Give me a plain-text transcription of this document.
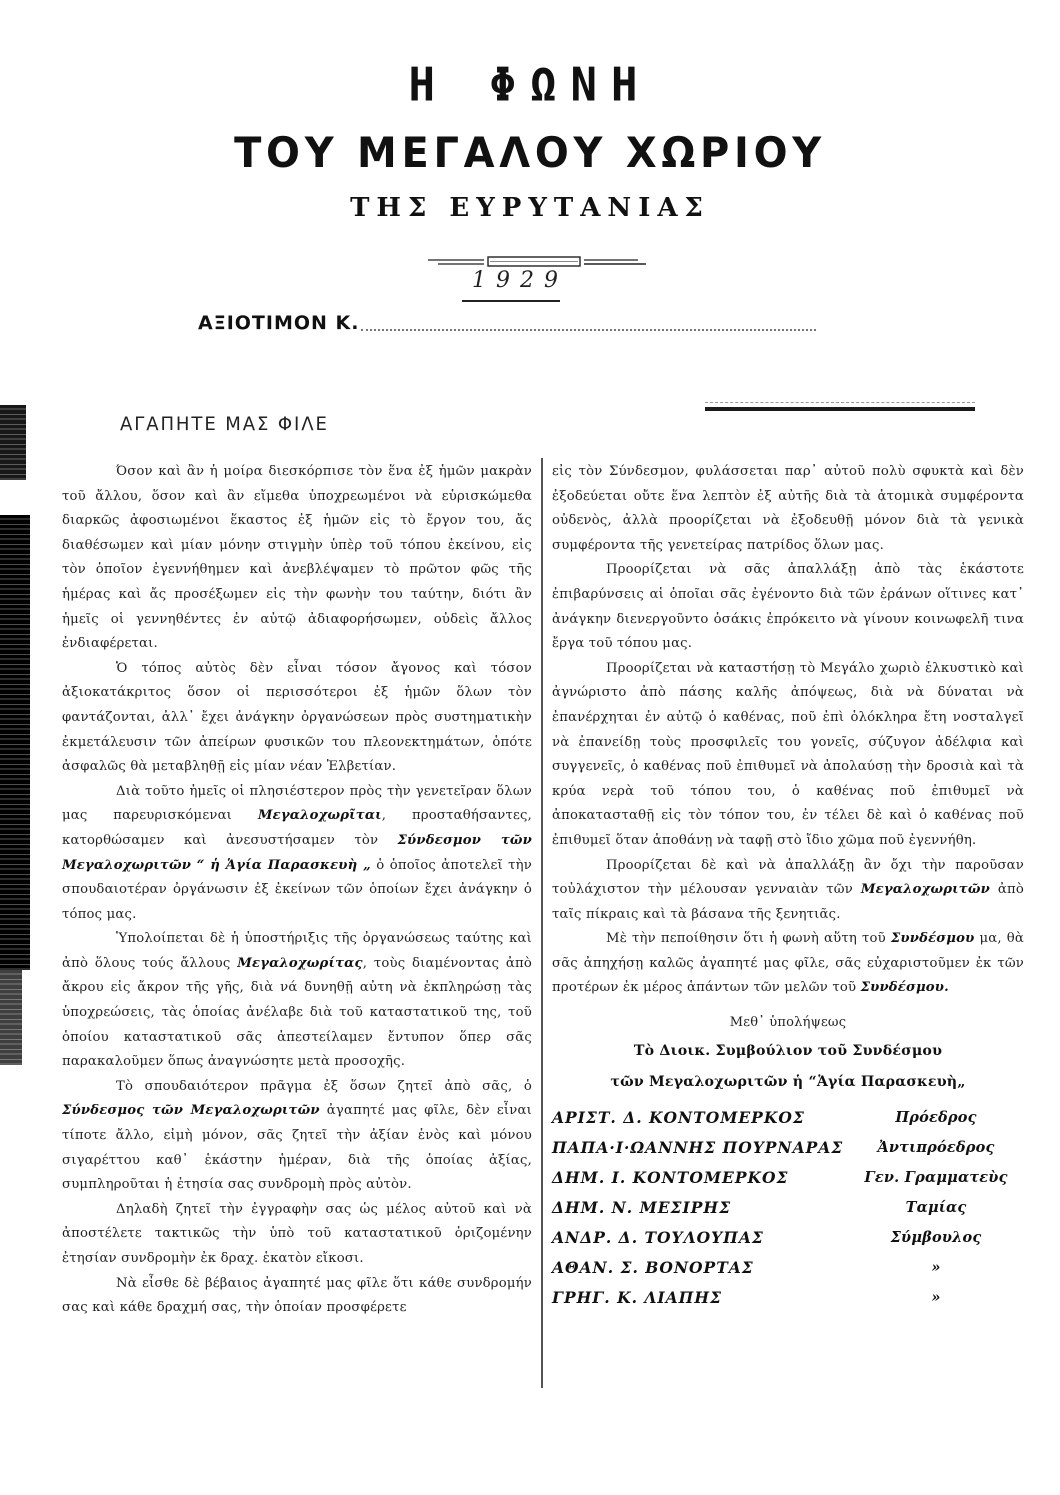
Η ΦΩΝΗ
ΤΟΥ ΜΕΓΑΛΟΥ ΧΩΡΙΟΥ
ΤΗΣ ΕΥΡΥΤΑΝΙΑΣ
1929
ΑΞΙΟΤΙΜΟΝ Κ.
ΑΓΑΠΗΤΕ ΜΑΣ ΦΙΛΕ

Όσον καὶ ἂν ἡ μοίρα διεσκόρπισε τὸν ἕνα ἐξ ἡμῶν μακρὰν τοῦ ἄλλου, ὅσον καὶ ἂν εἴμεθα ὑποχρεωμένοι νὰ εὑρισκώμεθα διαρκῶς ἀφοσιωμένοι ἕκαστος ἐξ ἡμῶν εἰς τὸ ἔργον του, ἄς διαθέσωμεν καὶ μίαν μόνην στιγμὴν ὑπὲρ τοῦ τόπου ἐκείνου, εἰς τὸν ὁποῖον ἐγεννήθημεν καὶ ἀνεβλέψαμεν τὸ πρῶτον φῶς τῆς ἡμέρας καὶ ἄς προσέξωμεν εἰς τὴν φωνὴν του ταύτην, διότι ἂν ἡμεῖς οἱ γεννηθέντες ἐν αὐτῷ ἀδιαφορήσωμεν, οὐδεὶς ἄλλος ἐνδιαφέρεται.

Ὁ τόπος αὐτὸς δὲν εἶναι τόσον ἄγονος καὶ τόσον ἀξιοκατάκριτος ὅσον οἱ περισσότεροι ἐξ ἡμῶν ὅλων τὸν φαντάζονται, ἀλλ᾽ ἔχει ἀνάγκην ὀργανώσεων πρὸς συστηματικὴν ἐκμετάλευσιν τῶν ἀπείρων φυσικῶν του πλεονεκτημάτων, ὁπότε ἀσφαλῶς θὰ μεταβληθῇ εἰς μίαν νέαν Ἐλβετίαν.

Διὰ τοῦτο ἡμεῖς οἱ πλησιέστερον πρὸς τὴν γενετεῖραν ὅλων μας παρευρισκόμεναι Μεγαλοχωρῖται, προσταθήσαντες, κατορθώσαμεν καὶ ἀνεσυστήσαμεν τὸν Σύνδεσμον τῶν Μεγαλοχωριτῶν “ ἡ Ἁγία Παρασκευὴ „ ὁ ὁποῖος ἀποτελεῖ τὴν σπουδαιοτέραν ὀργάνωσιν ἐξ ἐκείνων τῶν ὁποίων ἔχει ἀνάγκην ὁ τόπος μας.

Ὑπολοίπεται δὲ ἡ ὑποστήριξις τῆς ὀργανώσεως ταύτης καὶ ἀπὸ ὅλους τούς ἄλλους Μεγαλοχωρίτας, τοὺς διαμένοντας ἀπὸ ἄκρου εἰς ἄκρον τῆς γῆς, διὰ νά δυνηθῇ αὐτη νὰ ἐκπληρώσῃ τὰς ὑποχρεώσεις, τὰς ὁποίας ἀνέλαβε διὰ τοῦ καταστατικοῦ της, τοῦ ὁποίου καταστατικοῦ σᾶς ἀπεστείλαμεν ἔντυπον ὅπερ σᾶς παρακαλοῦμεν ὅπως ἀναγνώσητε μετὰ προσοχῆς.

Τὸ σπουδαιότερον πρᾶγμα ἐξ ὅσων ζητεῖ ἀπὸ σᾶς, ὁ Σύνδεσμος τῶν Μεγαλοχωριτῶν ἀγαπητέ μας φῖλε, δὲν εἶναι τίποτε ἄλλο, εἰμὴ μόνον, σᾶς ζητεῖ τὴν ἀξίαν ἑνὸς καὶ μόνου σιγαρέττου καθ᾽ ἑκάστην ἡμέραν, διὰ τῆς ὁποίας ἀξίας, συμπληροῦται ἡ ἐτησία σας συνδρομὴ πρὸς αὐτὸν.

Δηλαδὴ ζητεῖ τὴν ἐγγραφὴν σας ὡς μέλος αὐτοῦ καὶ νὰ ἀποστέλετε τακτικῶς τὴν ὑπὸ τοῦ καταστατικοῦ ὁριζομένην ἐτησίαν συνδρομὴν ἐκ δραχ. ἑκατὸν εἴκοσι.

Νὰ εἶσθε δὲ βέβαιος ἀγαπητέ μας φῖλε ὅτι κάθε συνδρομήν σας καὶ κάθε δραχμή σας, τὴν ὁποίαν προσφέρετε

εἰς τὸν Σύνδεσμον, φυλάσσεται παρ᾽ αὐτοῦ πολὺ σφυκτὰ καὶ δὲν ἐξοδεύεται οὔτε ἕνα λεπτὸν ἐξ αὐτῆς διὰ τὰ ἀτομικὰ συμφέροντα οὐδενὸς, ἀλλὰ προορίζεται νὰ ἐξοδευθῇ μόνον διὰ τὰ γενικὰ συμφέροντα τῆς γενετείρας πατρίδος ὅλων μας.

Προορίζεται νὰ σᾶς ἀπαλλάξῃ ἀπὸ τὰς ἑκάστοτε ἐπιβαρύνσεις αἱ ὁποῖαι σᾶς ἐγένοντο διὰ τῶν ἐράνων οἵτινες κατ᾽ ἀνάγκην διενεργοῦντο ὁσάκις ἐπρόκειτο νὰ γίνουν κοινωφελῆ τινα ἔργα τοῦ τόπου μας.

Προορίζεται νὰ καταστήσῃ τὸ Μεγάλο χωριὸ ἑλκυστικὸ καὶ ἀγνώριστο ἀπὸ πάσης καλῆς ἀπόψεως, διὰ νὰ δύναται νὰ ἐπανέρχηται ἐν αὐτῷ ὁ καθένας, ποῦ ἐπὶ ὁλόκληρα ἔτη νοσταλγεῖ νὰ ἐπανείδῃ τοὺς προσφιλεῖς του γονεῖς, σύζυγον ἀδέλφια καὶ συγγενεῖς, ὁ καθένας ποῦ ἐπιθυμεῖ νὰ ἀπολαύσῃ τὴν δροσιὰ καὶ τὰ κρύα νερὰ τοῦ τόπου του, ὁ καθένας ποῦ ἐπιθυμεῖ νὰ ἀποκατασταθῇ εἰς τὸν τόπον του, ἐν τέλει δὲ καὶ ὁ καθένας ποῦ ἐπιθυμεῖ ὅταν ἀποθάνῃ νὰ ταφῇ στὸ ἴδιο χῶμα ποῦ ἐγεννήθη.

Προορίζεται δὲ καὶ νὰ ἀπαλλάξῃ ἂν ὄχι τὴν παροῦσαν τοὐλάχιστον τὴν μέλουσαν γενναιὰν τῶν Μεγαλοχωριτῶν ἀπὸ ταῖς πίκραις καὶ τὰ βάσανα τῆς ξενητιᾶς.

Μὲ τὴν πεποίθησιν ὅτι ἡ φωνὴ αὕτη τοῦ Συνδέσμου μα, θὰ σᾶς ἀπηχήσῃ καλῶς ἀγαπητέ μας φῖλε, σᾶς εὐχαριστοῦμεν ἐκ τῶν προτέρων ἐκ μέρος ἁπάντων τῶν μελῶν τοῦ Συνδέσμου.

Μεθ᾽ ὑπολήψεως

Τὸ Διοικ. Συμβούλιον τοῦ Συνδέσμου
τῶν Μεγαλοχωριτῶν ἡ “Ἁγία Παρασκευὴ„
ΑΡΙΣΤ. Δ. ΚΟΝΤΟΜΕΡΚΟΣ	Πρόεδρος
ΠΑΠΑ·Ι·ΩΑΝΝΗΣ ΠΟΥΡΝΑΡΑΣ	Ἀντιπρόεδρος
ΔΗΜ. Ι. ΚΟΝΤΟΜΕΡΚΟΣ	Γεν. Γραμματεὺς
ΔΗΜ. Ν. ΜΕΣΙΡΗΣ	Ταμίας
ΑΝΔΡ. Δ. ΤΟΥΛΟΥΠΑΣ	Σύμβουλος
ΑΘΑΝ. Σ. ΒΟΝΟΡΤΑΣ	»
ΓΡΗΓ. Κ. ΛΙΑΠΗΣ	»
